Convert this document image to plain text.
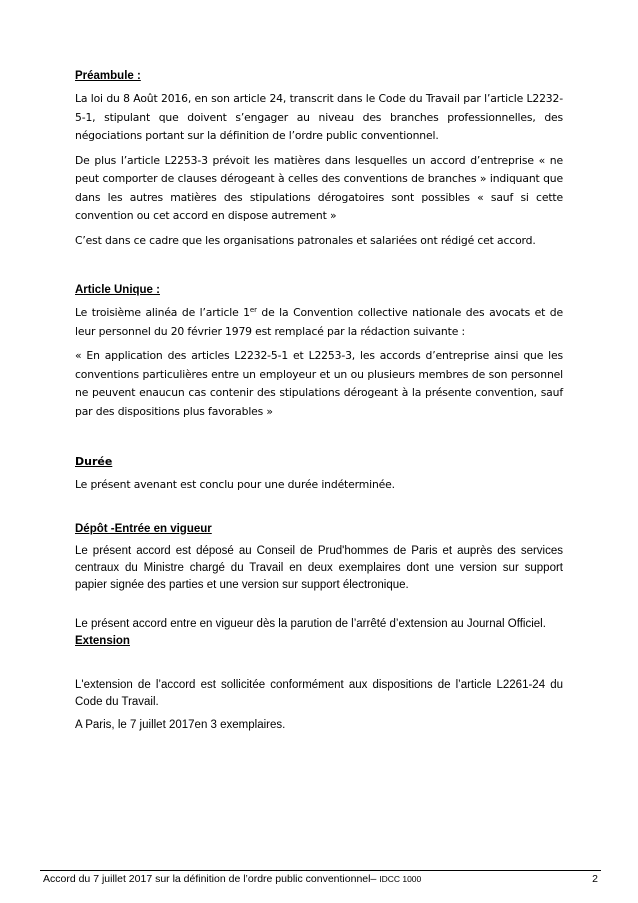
Préambule :

La loi du 8 Août 2016, en son article 24, transcrit dans le Code du Travail par l’article L2232-5-1, stipulant que doivent s’engager au niveau des branches professionnelles, des négociations portant sur la définition de l’ordre public conventionnel.

De plus l’article L2253-3 prévoit les matières dans lesquelles un accord d’entreprise « ne peut comporter de clauses dérogeant à celles des conventions de branches » indiquant que dans les autres matières des stipulations dérogatoires sont possibles « sauf si cette convention ou cet accord en dispose autrement »

C’est dans ce cadre que les organisations patronales et salariées ont rédigé cet accord.

Article Unique :

Le troisième alinéa de l’article 1er de la Convention collective nationale des avocats et de leur personnel du 20 février 1979 est remplacé par la rédaction suivante :

« En application des articles L2232-5-1 et L2253-3, les accords d’entreprise ainsi que les conventions particulières entre un employeur et un ou plusieurs membres de son personnel ne peuvent enaucun cas contenir des stipulations dérogeant à la présente convention, sauf par des dispositions plus favorables »

Durée

Le présent avenant est conclu pour une durée indéterminée.

Dépôt -Entrée en vigueur

Le présent accord est déposé au Conseil de Prud'hommes de Paris et auprès des services centraux du Ministre chargé du Travail en deux exemplaires dont une version sur support papier signée des parties et une version sur support électronique.

Le présent accord entre en vigueur dès la parution de l’arrêté d’extension au Journal Officiel.

Extension

L'extension de l’accord est sollicitée conformément aux dispositions de l’article L2261-24 du Code du Travail.

A Paris, le 7 juillet 2017en 3 exemplaires.

Accord du 7 juillet 2017 sur la définition de l’ordre public conventionnel– IDCC 1000	2
